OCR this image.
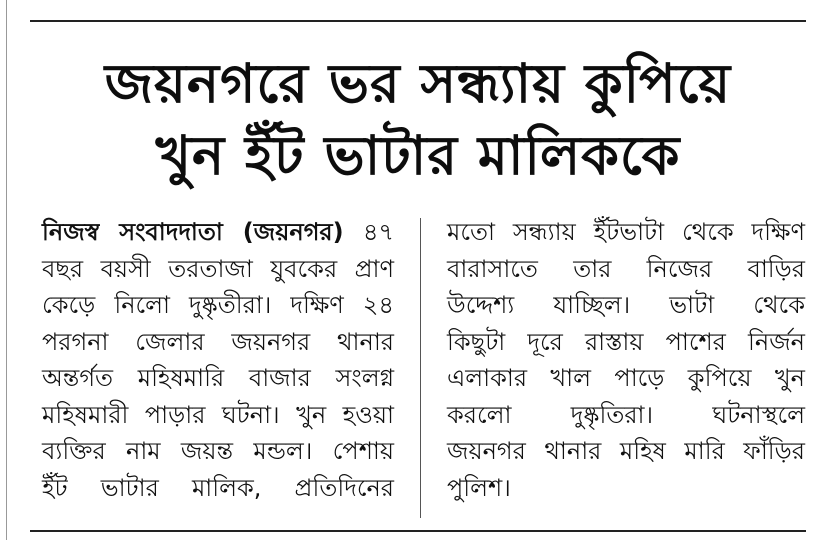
জয়নগরে ভর সন্ধ্যায় কুপিয়ে
খুন ইঁট ভাটার মালিককে
নিজস্ব সংবাদদাতা (জয়নগর) ৪৭
বছর বয়সী তরতাজা যুবকের প্রাণ
কেড়ে নিলো দুষ্কৃতীরা। দক্ষিণ ২৪
পরগনা জেলার জয়নগর থানার
অন্তর্গত মহিষমারি বাজার সংলগ্ন
মহিষমারী পাড়ার ঘটনা। খুন হওয়া
ব্যক্তির নাম জয়ন্ত মন্ডল। পেশায়
ইঁট ভাটার মালিক, প্রতিদিনের
মতো সন্ধ্যায় ইঁটভাটা থেকে দক্ষিণ
বারাসাতে তার নিজের বাড়ির
উদ্দেশ্য যাচ্ছিল। ভাটা থেকে
কিছুটা দূরে রাস্তায় পাশের নির্জন
এলাকার খাল পাড়ে কুপিয়ে খুন
করলো দুষ্কৃতিরা। ঘটনাস্থলে
জয়নগর থানার মহিষ মারি ফাঁড়ির
পুলিশ।
